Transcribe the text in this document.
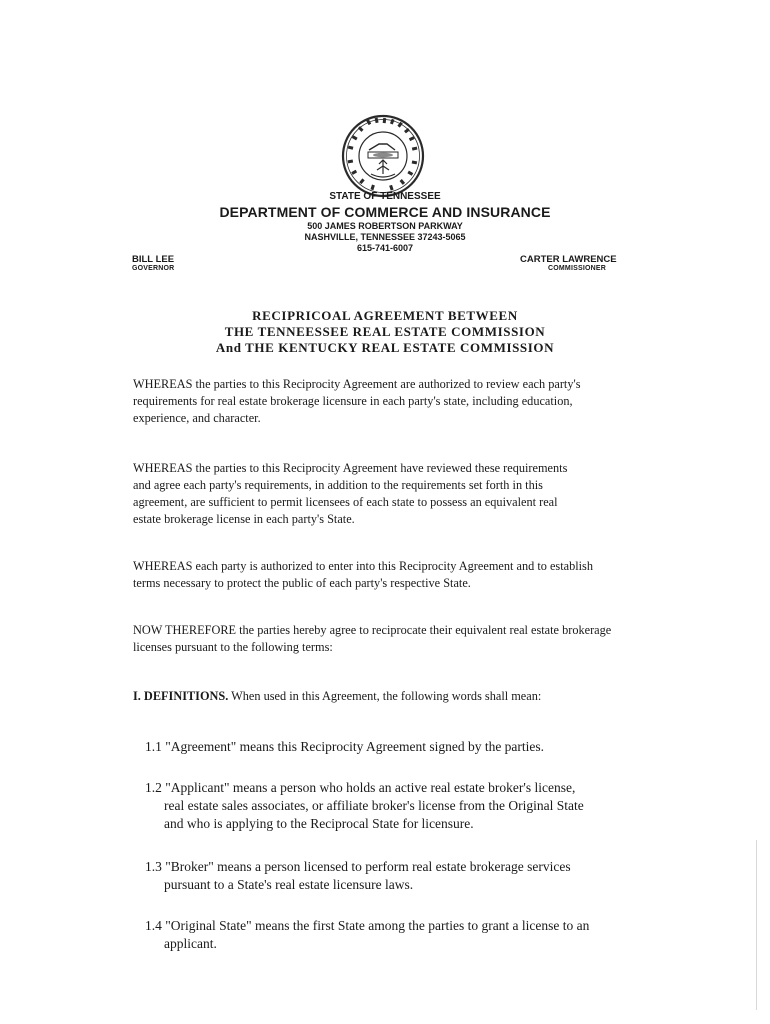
STATE OF TENNESSEE

DEPARTMENT OF COMMERCE AND INSURANCE

500 JAMES ROBERTSON PARKWAY

NASHVILLE, TENNESSEE 37243-5065

615-741-6007

BILL LEE

GOVERNOR

CARTER LAWRENCE

COMMISSIONER

RECIPRICOAL AGREEMENT BETWEEN

THE TENNEESSEE REAL ESTATE COMMISSION

And THE KENTUCKY REAL ESTATE COMMISSION

WHEREAS the parties to this Reciprocity Agreement are authorized to review each party's
requirements for real estate brokerage licensure in each party's state, including education,
experience, and character.
WHEREAS the parties to this Reciprocity Agreement have reviewed these requirements
and agree each party's requirements, in addition to the requirements set forth in this
agreement, are sufficient to permit licensees of each state to possess an equivalent real
estate brokerage license in each party's State.
WHEREAS each party is authorized to enter into this Reciprocity Agreement and to establish
terms necessary to protect the public of each party's respective State.
NOW THEREFORE the parties hereby agree to reciprocate their equivalent real estate brokerage
licenses pursuant to the following terms:
I. DEFINITIONS. When used in this Agreement, the following words shall mean:
1.1 "Agreement" means this Reciprocity Agreement signed by the parties.
1.2 "Applicant" means a person who holds an active real estate broker's license,
real estate sales associates, or affiliate broker's license from the Original State
and who is applying to the Reciprocal State for licensure.
1.3 "Broker" means a person licensed to perform real estate brokerage services
pursuant to a State's real estate licensure laws.
1.4 "Original State" means the first State among the parties to grant a license to an
applicant.
